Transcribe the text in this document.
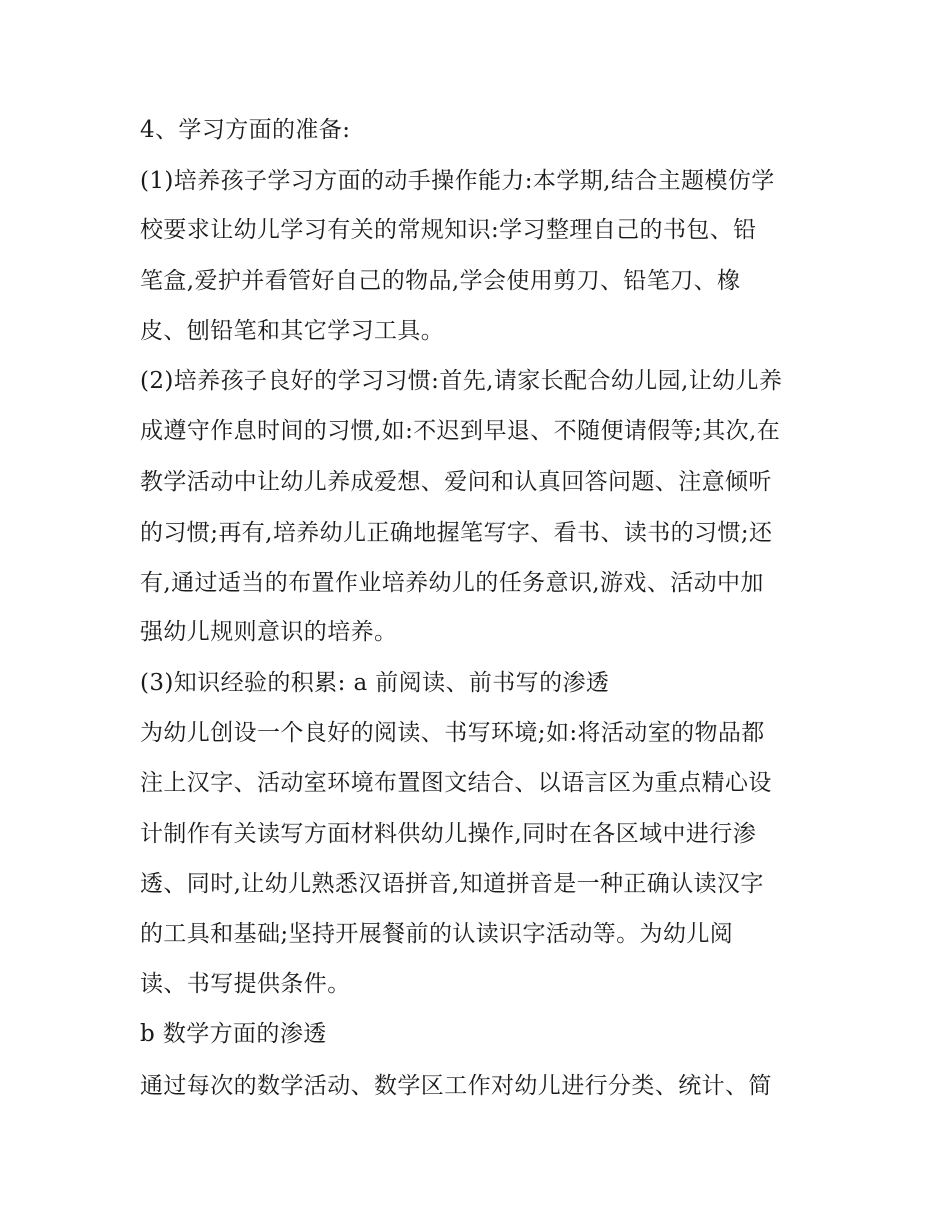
4、学习方面的准备:
(1)培养孩子学习方面的动手操作能力:本学期,结合主题模仿学
校要求让幼儿学习有关的常规知识:学习整理自己的书包、铅
笔盒,爱护并看管好自己的物品,学会使用剪刀、铅笔刀、橡
皮、刨铅笔和其它学习工具。
(2)培养孩子良好的学习习惯:首先,请家长配合幼儿园,让幼儿养
成遵守作息时间的习惯,如:不迟到早退、不随便请假等;其次,在
教学活动中让幼儿养成爱想、爱问和认真回答问题、注意倾听
的习惯;再有,培养幼儿正确地握笔写字、看书、读书的习惯;还
有,通过适当的布置作业培养幼儿的任务意识,游戏、活动中加
强幼儿规则意识的培养。
(3)知识经验的积累: a 前阅读、前书写的渗透
为幼儿创设一个良好的阅读、书写环境;如:将活动室的物品都
注上汉字、活动室环境布置图文结合、以语言区为重点精心设
计制作有关读写方面材料供幼儿操作,同时在各区域中进行渗
透、同时,让幼儿熟悉汉语拼音,知道拼音是一种正确认读汉字
的工具和基础;坚持开展餐前的认读识字活动等。为幼儿阅
读、书写提供条件。
b 数学方面的渗透
通过每次的数学活动、数学区工作对幼儿进行分类、统计、简
